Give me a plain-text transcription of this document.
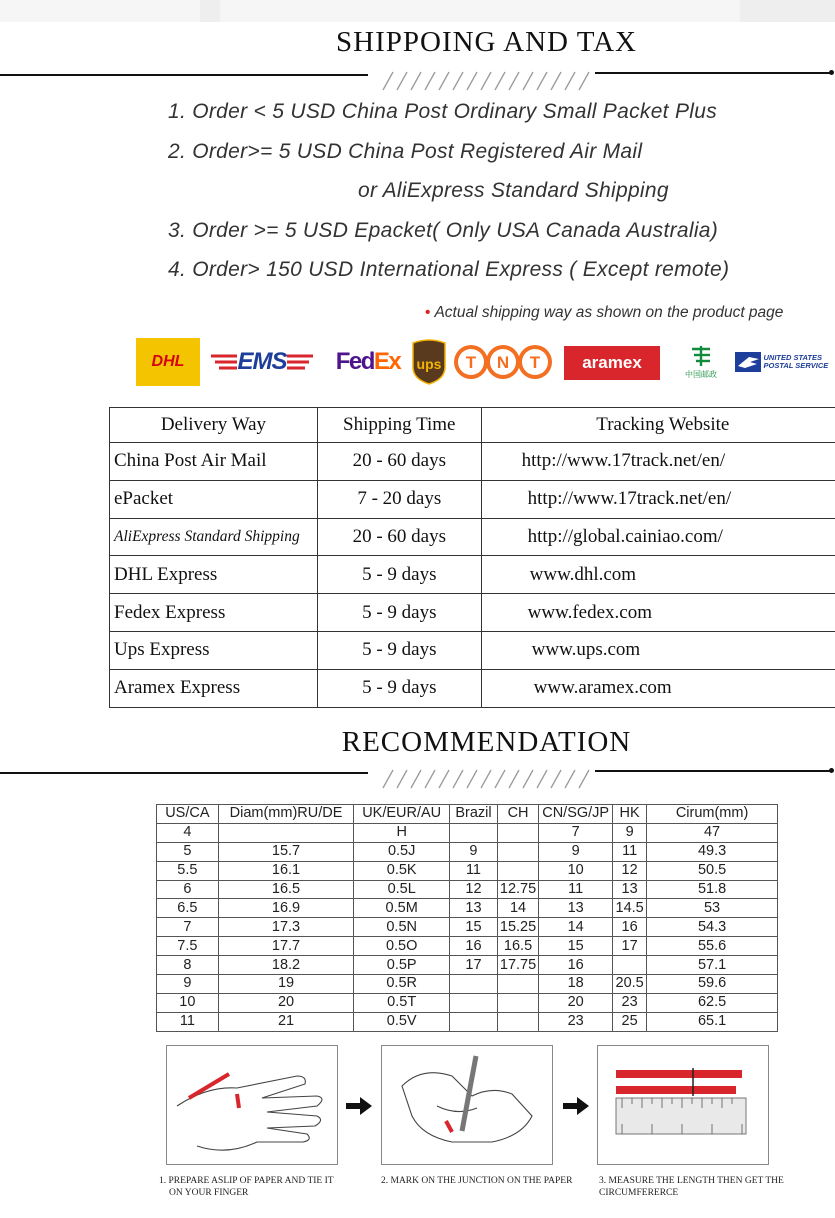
SHIPPOING AND TAX
1. Order < 5 USD China Post Ordinary Small Packet Plus
2. Order>= 5 USD China Post Registered Air Mail
or AliExpress Standard Shipping
3. Order >= 5 USD Epacket( Only USA Canada Australia)
4. Order> 150 USD International Express ( Except remote)
• Actual shipping way as shown on the product page
DHL EMS FedEx ups T N T aramex
中国邮政
UNITED STATES POSTAL SERVICE
Delivery Way	Shipping Time	Tracking Website
China Post Air Mail	20 - 60 days	http://www.17track.net/en/
ePacket	7 - 20 days	http://www.17track.net/en/
AliExpress Standard Shipping	20 - 60 days	http://global.cainiao.com/
DHL Express	5 - 9 days	www.dhl.com
Fedex Express	5 - 9 days	www.fedex.com
Ups Express	5 - 9 days	www.ups.com
Aramex Express	5 - 9 days	www.aramex.com
RECOMMENDATION
US/CA	Diam(mm)RU/DE	UK/EUR/AU	Brazil	CH	CN/SG/JP	HK	Cirum(mm)
4		H			7	9	47
5	15.7	0.5J	9		9	11	49.3
5.5	16.1	0.5K	11		10	12	50.5
6	16.5	0.5L	12	12.75	11	13	51.8
6.5	16.9	0.5M	13	14	13	14.5	53
7	17.3	0.5N	15	15.25	14	16	54.3
7.5	17.7	0.5O	16	16.5	15	17	55.6
8	18.2	0.5P	17	17.75	16		57.1
9	19	0.5R			18	20.5	59.6
10	20	0.5T			20	23	62.5
11	21	0.5V			23	25	65.1
1. PREPARE ASLIP OF PAPER AND TIE IT
ON YOUR FINGER
2. MARK ON THE JUNCTION ON THE PAPER	3. MEASURE THE LENGTH THEN GET THE
CIRCUMFERERCE
